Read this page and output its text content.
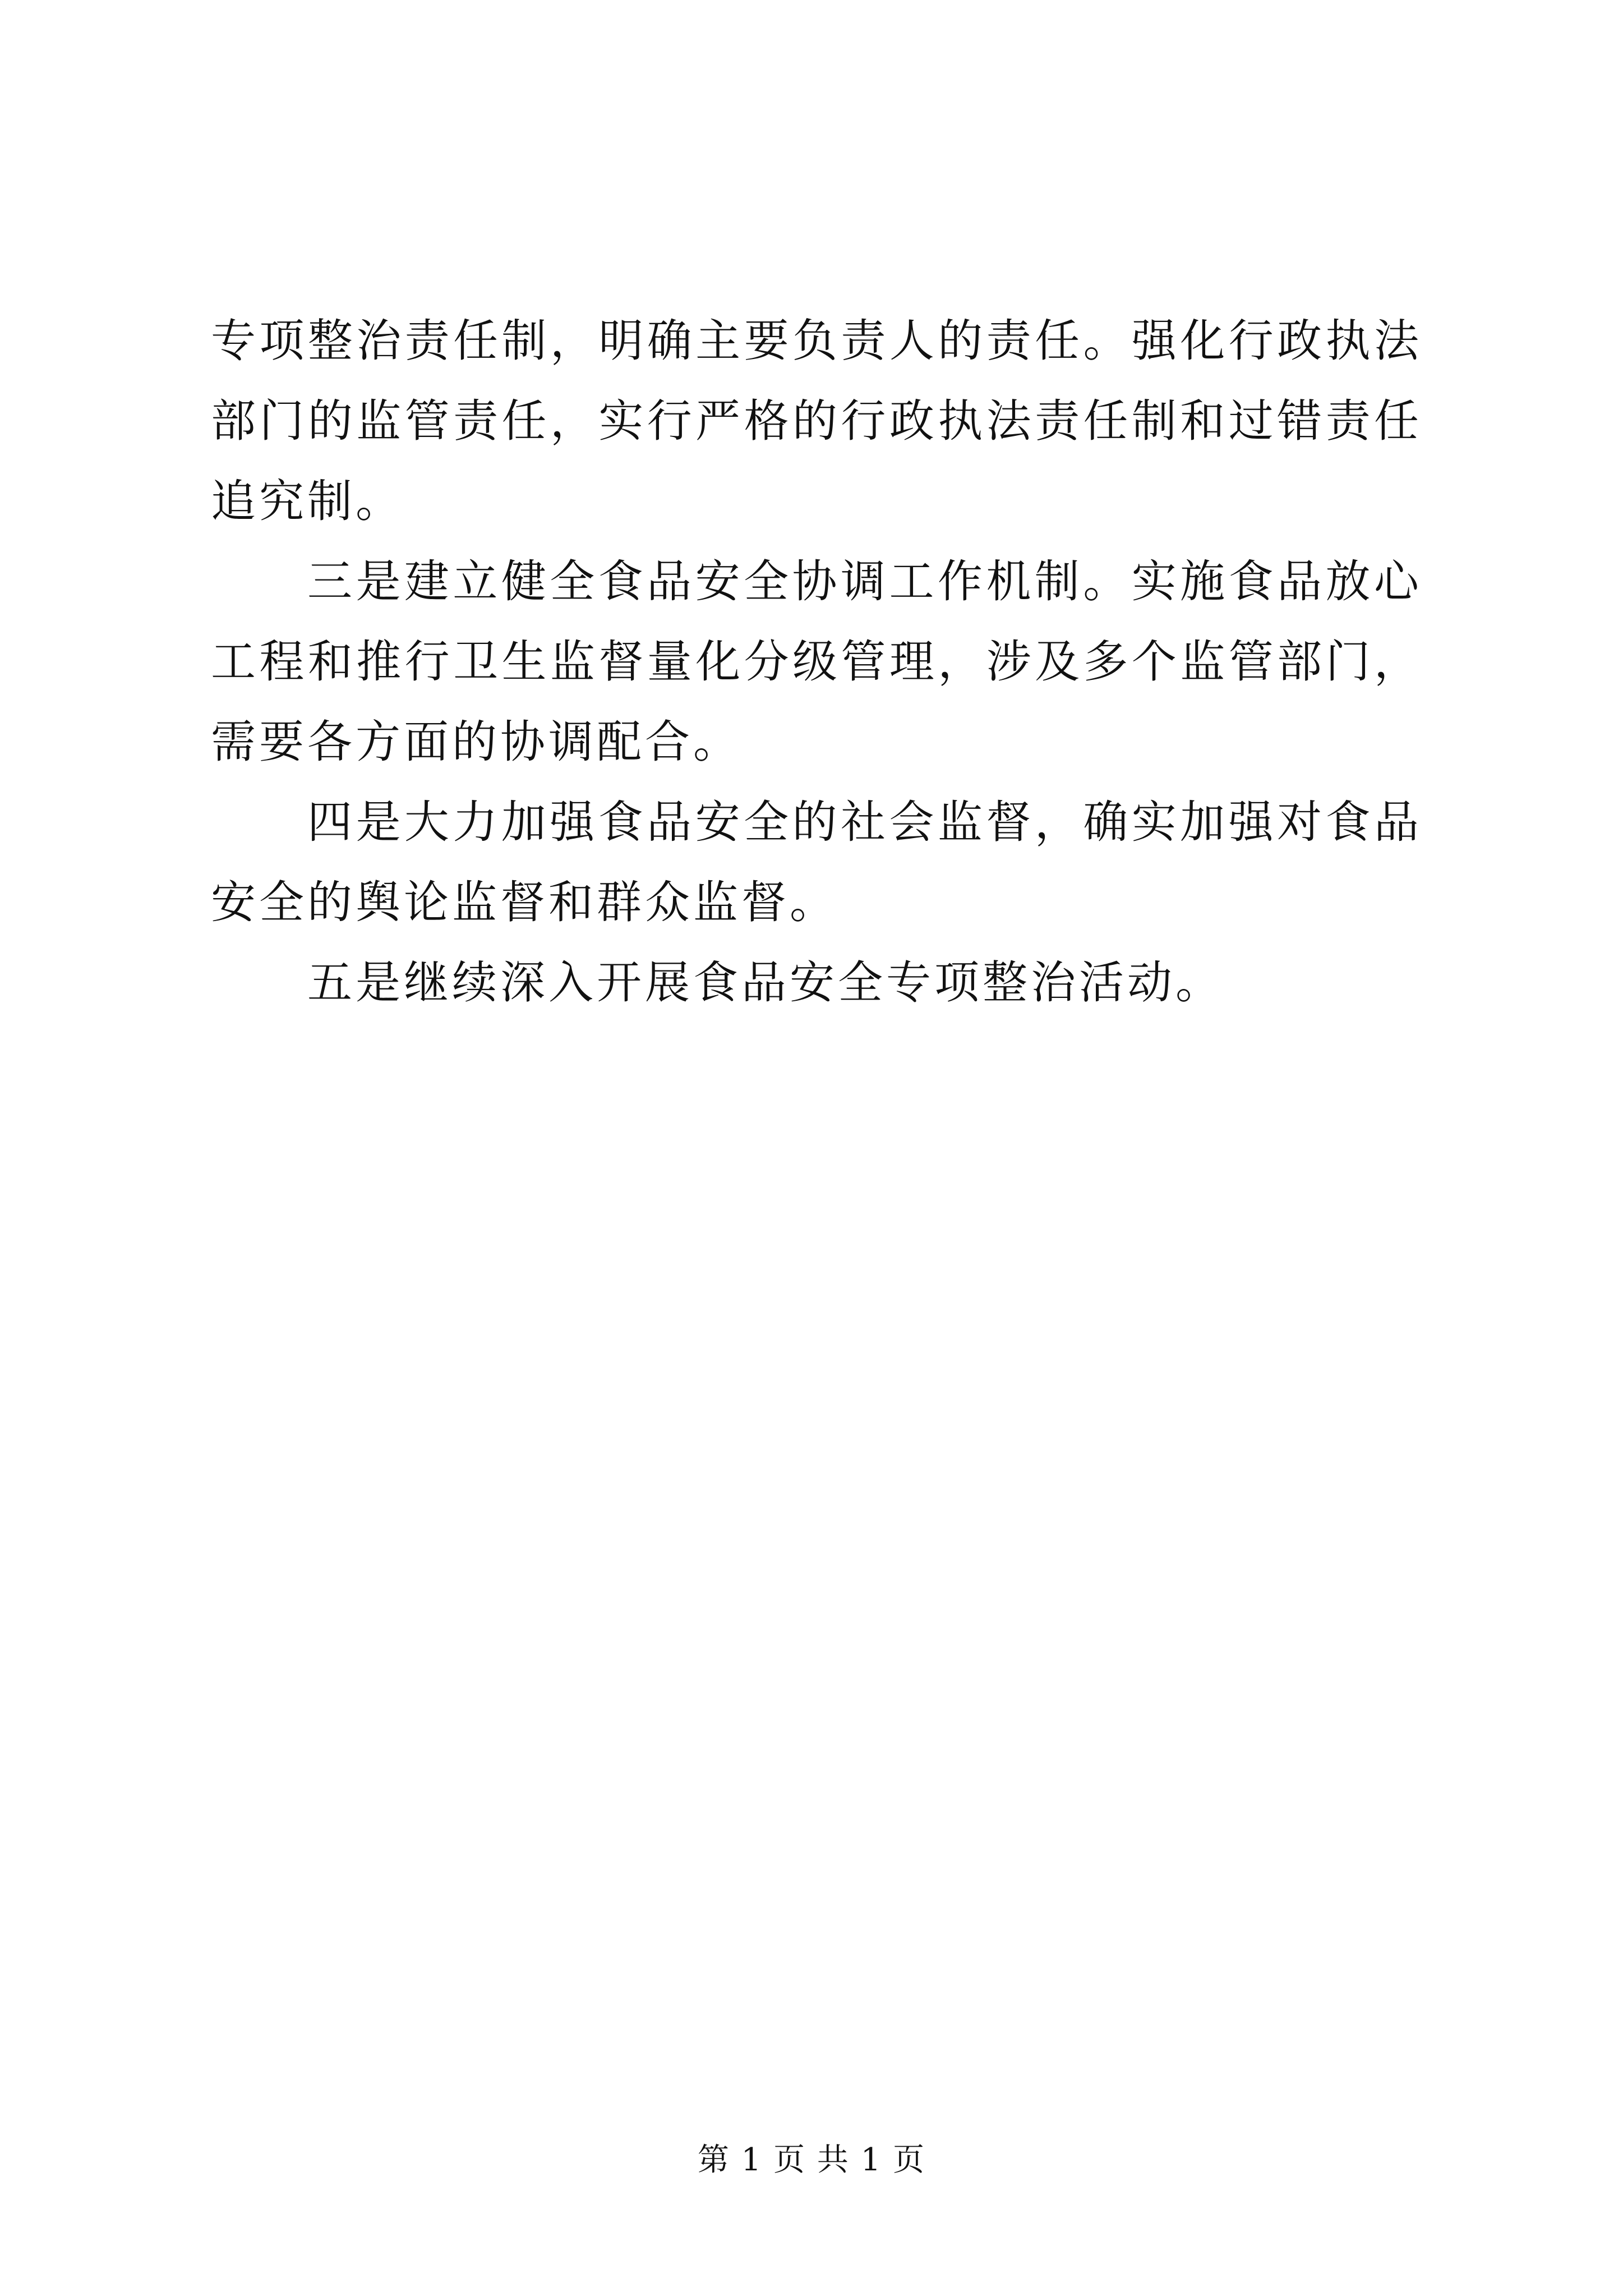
专项整治责任制，明确主要负责人的责任。强化行政执法部门的监管责任，实行严格的行政执法责任制和过错责任追究制。

三是建立健全食品安全协调工作机制。实施食品放心工程和推行卫生监督量化分级管理，涉及多个监管部门，需要各方面的协调配合。

四是大力加强食品安全的社会监督，确实加强对食品安全的舆论监督和群众监督。

五是继续深入开展食品安全专项整治活动。

第 1 页 共 1 页
